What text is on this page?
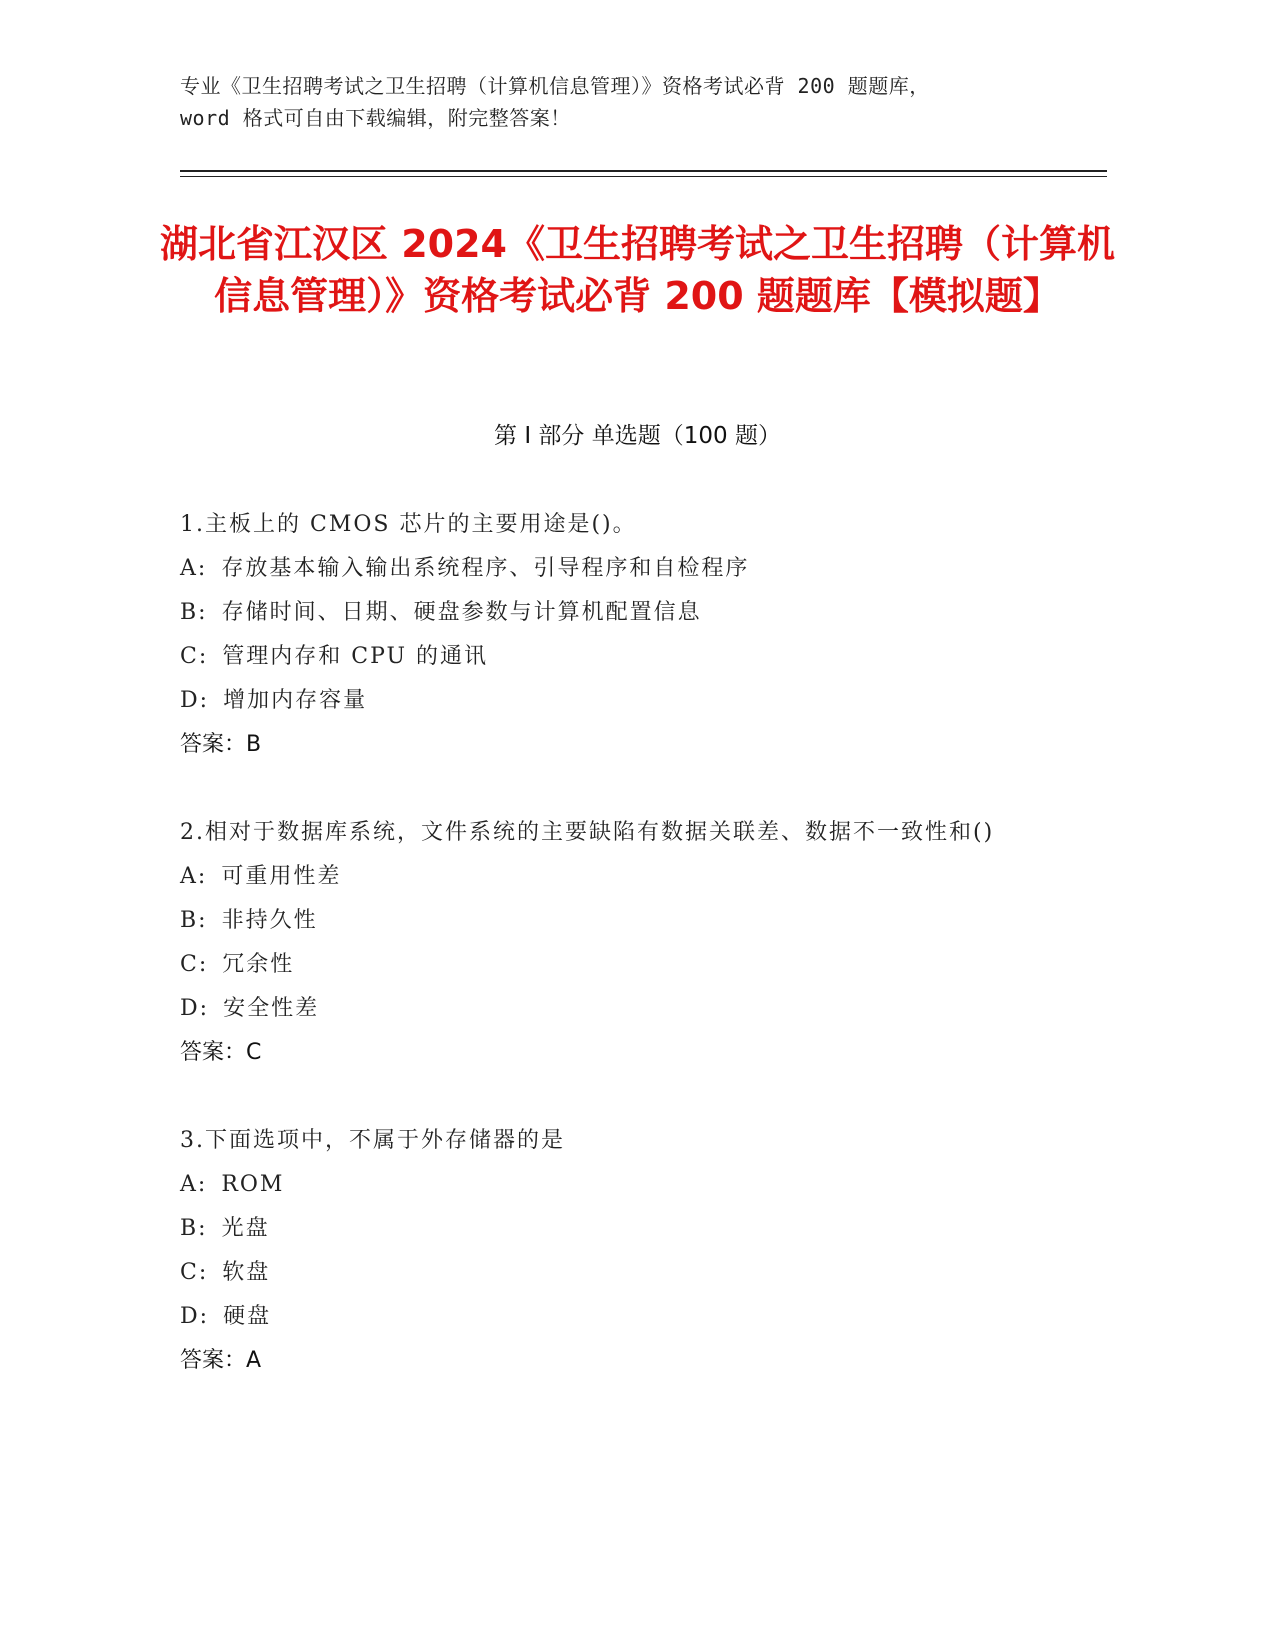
专业《卫生招聘考试之卫生招聘（计算机信息管理）》资格考试必背 200 题题库，
word 格式可自由下载编辑，附完整答案！
湖北省江汉区 2024《卫生招聘考试之卫生招聘（计算机信息管理）》资格考试必背 200 题题库【模拟题】
第 I 部分 单选题（100 题）
1.主板上的 CMOS 芯片的主要用途是()。
A: 存放基本输入输出系统程序、引导程序和自检程序
B: 存储时间、日期、硬盘参数与计算机配置信息
C: 管理内存和 CPU 的通讯
D: 增加内存容量
答案：B
2.相对于数据库系统，文件系统的主要缺陷有数据关联差、数据不一致性和()
A: 可重用性差
B: 非持久性
C: 冗余性
D: 安全性差
答案：C
3.下面选项中，不属于外存储器的是
A: ROM
B: 光盘
C: 软盘
D: 硬盘
答案：A
